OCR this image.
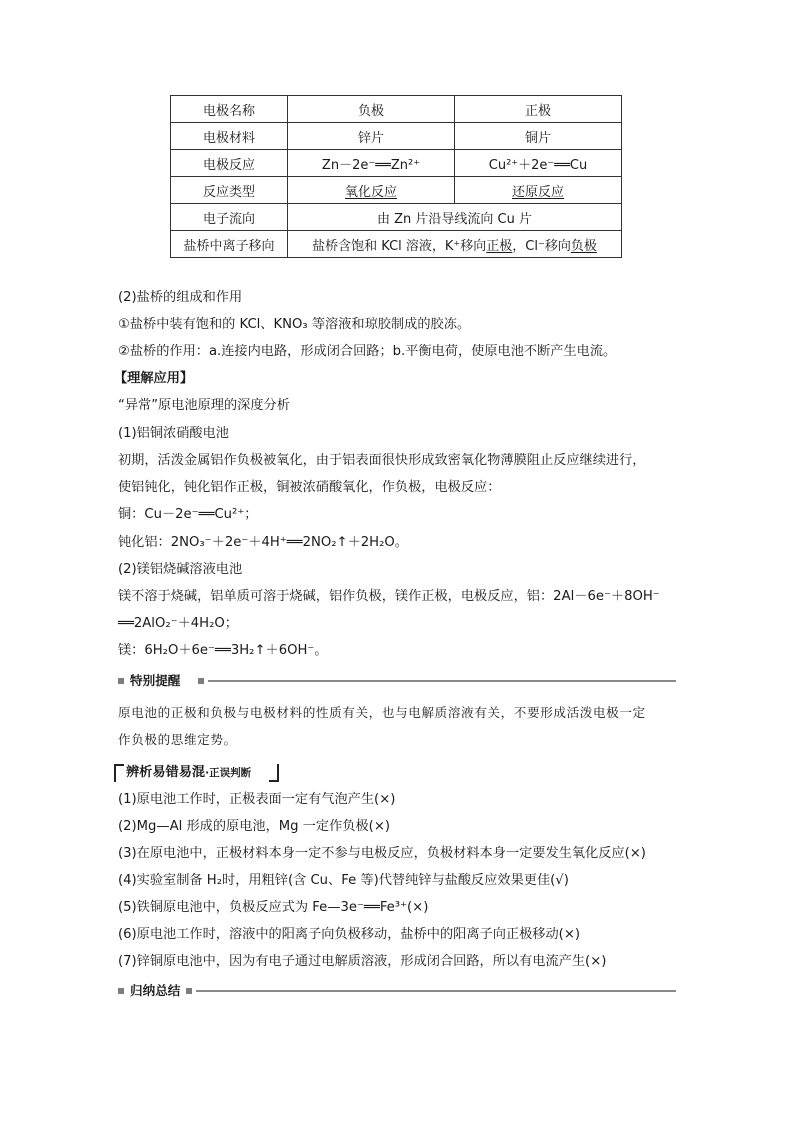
电极名称	负极	正极
电极材料	锌片	铜片
电极反应	Zn－2e⁻══Zn²⁺	Cu²⁺＋2e⁻══Cu
反应类型	氧化反应	还原反应
电子流向	由 Zn 片沿导线流向 Cu 片	
盐桥中离子移向	盐桥含饱和 KCl 溶液，K⁺移向正极，Cl⁻移向负极	
(2)盐桥的组成和作用
①盐桥中装有饱和的 KCl、KNO₃ 等溶液和琼胶制成的胶冻。
②盐桥的作用：a.连接内电路，形成闭合回路；b.平衡电荷，使原电池不断产生电流。
【理解应用】
“异常”原电池原理的深度分析
(1)铝铜浓硝酸电池
初期，活泼金属铝作负极被氧化，由于铝表面很快形成致密氧化物薄膜阻止反应继续进行，
使铝钝化，钝化铝作正极，铜被浓硝酸氧化，作负极，电极反应：
铜：Cu－2e⁻══Cu²⁺；
钝化铝：2NO₃⁻＋2e⁻＋4H⁺══2NO₂↑＋2H₂O。
(2)镁铝烧碱溶液电池
镁不溶于烧碱，铝单质可溶于烧碱，铝作负极，镁作正极，电极反应，铝：2Al－6e⁻＋8OH⁻
══2AlO₂⁻＋4H₂O；
镁：6H₂O＋6e⁻══3H₂↑＋6OH⁻。
特别提醒
原电池的正极和负极与电极材料的性质有关，也与电解质溶液有关，不要形成活泼电极一定
作负极的思维定势。
辨析易错易混·正误判断
(1)原电池工作时，正极表面一定有气泡产生(×)
(2)Mg—Al 形成的原电池，Mg 一定作负极(×)
(3)在原电池中，正极材料本身一定不参与电极反应，负极材料本身一定要发生氧化反应(×)
(4)实验室制备 H₂时，用粗锌(含 Cu、Fe 等)代替纯锌与盐酸反应效果更佳(√)
(5)铁铜原电池中，负极反应式为 Fe—3e⁻══Fe³⁺(×)
(6)原电池工作时，溶液中的阳离子向负极移动，盐桥中的阳离子向正极移动(×)
(7)锌铜原电池中，因为有电子通过电解质溶液，形成闭合回路，所以有电流产生(×)
归纳总结
